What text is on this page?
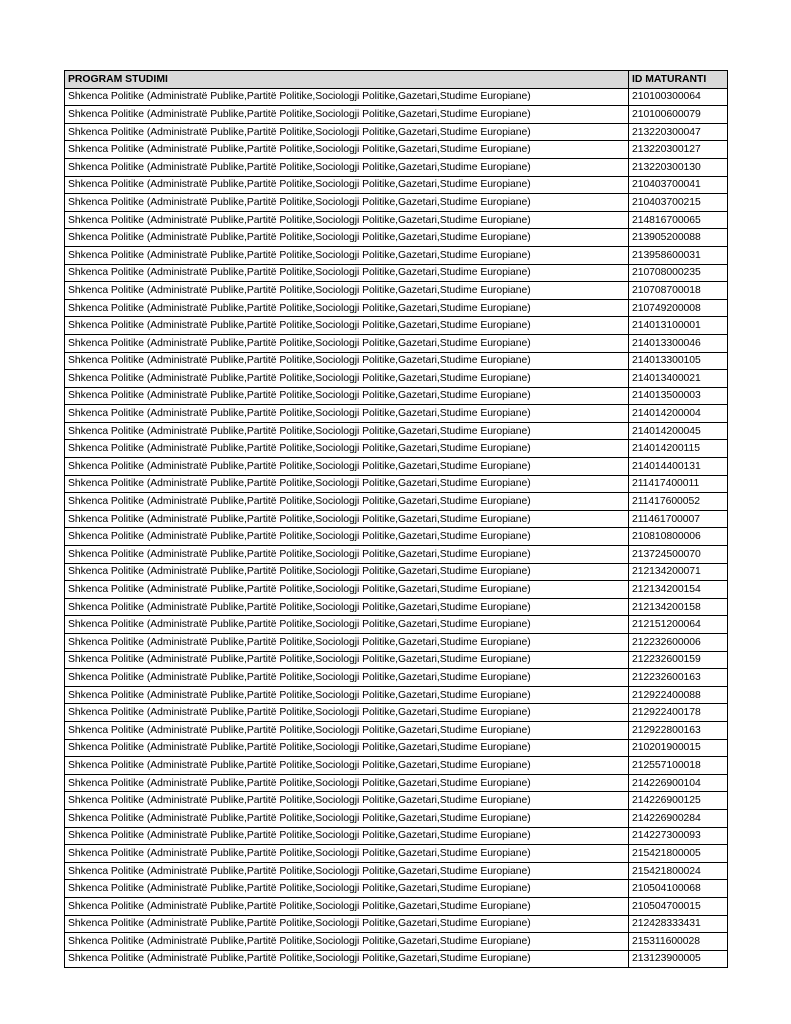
PROGRAM STUDIMI	ID MATURANTI
Shkenca Politike (Administratë Publike,Partitë Politike,Sociologji Politike,Gazetari,Studime Europiane)	210100300064
Shkenca Politike (Administratë Publike,Partitë Politike,Sociologji Politike,Gazetari,Studime Europiane)	210100600079
Shkenca Politike (Administratë Publike,Partitë Politike,Sociologji Politike,Gazetari,Studime Europiane)	213220300047
Shkenca Politike (Administratë Publike,Partitë Politike,Sociologji Politike,Gazetari,Studime Europiane)	213220300127
Shkenca Politike (Administratë Publike,Partitë Politike,Sociologji Politike,Gazetari,Studime Europiane)	213220300130
Shkenca Politike (Administratë Publike,Partitë Politike,Sociologji Politike,Gazetari,Studime Europiane)	210403700041
Shkenca Politike (Administratë Publike,Partitë Politike,Sociologji Politike,Gazetari,Studime Europiane)	210403700215
Shkenca Politike (Administratë Publike,Partitë Politike,Sociologji Politike,Gazetari,Studime Europiane)	214816700065
Shkenca Politike (Administratë Publike,Partitë Politike,Sociologji Politike,Gazetari,Studime Europiane)	213905200088
Shkenca Politike (Administratë Publike,Partitë Politike,Sociologji Politike,Gazetari,Studime Europiane)	213958600031
Shkenca Politike (Administratë Publike,Partitë Politike,Sociologji Politike,Gazetari,Studime Europiane)	210708000235
Shkenca Politike (Administratë Publike,Partitë Politike,Sociologji Politike,Gazetari,Studime Europiane)	210708700018
Shkenca Politike (Administratë Publike,Partitë Politike,Sociologji Politike,Gazetari,Studime Europiane)	210749200008
Shkenca Politike (Administratë Publike,Partitë Politike,Sociologji Politike,Gazetari,Studime Europiane)	214013100001
Shkenca Politike (Administratë Publike,Partitë Politike,Sociologji Politike,Gazetari,Studime Europiane)	214013300046
Shkenca Politike (Administratë Publike,Partitë Politike,Sociologji Politike,Gazetari,Studime Europiane)	214013300105
Shkenca Politike (Administratë Publike,Partitë Politike,Sociologji Politike,Gazetari,Studime Europiane)	214013400021
Shkenca Politike (Administratë Publike,Partitë Politike,Sociologji Politike,Gazetari,Studime Europiane)	214013500003
Shkenca Politike (Administratë Publike,Partitë Politike,Sociologji Politike,Gazetari,Studime Europiane)	214014200004
Shkenca Politike (Administratë Publike,Partitë Politike,Sociologji Politike,Gazetari,Studime Europiane)	214014200045
Shkenca Politike (Administratë Publike,Partitë Politike,Sociologji Politike,Gazetari,Studime Europiane)	214014200115
Shkenca Politike (Administratë Publike,Partitë Politike,Sociologji Politike,Gazetari,Studime Europiane)	214014400131
Shkenca Politike (Administratë Publike,Partitë Politike,Sociologji Politike,Gazetari,Studime Europiane)	211417400011
Shkenca Politike (Administratë Publike,Partitë Politike,Sociologji Politike,Gazetari,Studime Europiane)	211417600052
Shkenca Politike (Administratë Publike,Partitë Politike,Sociologji Politike,Gazetari,Studime Europiane)	211461700007
Shkenca Politike (Administratë Publike,Partitë Politike,Sociologji Politike,Gazetari,Studime Europiane)	210810800006
Shkenca Politike (Administratë Publike,Partitë Politike,Sociologji Politike,Gazetari,Studime Europiane)	213724500070
Shkenca Politike (Administratë Publike,Partitë Politike,Sociologji Politike,Gazetari,Studime Europiane)	212134200071
Shkenca Politike (Administratë Publike,Partitë Politike,Sociologji Politike,Gazetari,Studime Europiane)	212134200154
Shkenca Politike (Administratë Publike,Partitë Politike,Sociologji Politike,Gazetari,Studime Europiane)	212134200158
Shkenca Politike (Administratë Publike,Partitë Politike,Sociologji Politike,Gazetari,Studime Europiane)	212151200064
Shkenca Politike (Administratë Publike,Partitë Politike,Sociologji Politike,Gazetari,Studime Europiane)	212232600006
Shkenca Politike (Administratë Publike,Partitë Politike,Sociologji Politike,Gazetari,Studime Europiane)	212232600159
Shkenca Politike (Administratë Publike,Partitë Politike,Sociologji Politike,Gazetari,Studime Europiane)	212232600163
Shkenca Politike (Administratë Publike,Partitë Politike,Sociologji Politike,Gazetari,Studime Europiane)	212922400088
Shkenca Politike (Administratë Publike,Partitë Politike,Sociologji Politike,Gazetari,Studime Europiane)	212922400178
Shkenca Politike (Administratë Publike,Partitë Politike,Sociologji Politike,Gazetari,Studime Europiane)	212922800163
Shkenca Politike (Administratë Publike,Partitë Politike,Sociologji Politike,Gazetari,Studime Europiane)	210201900015
Shkenca Politike (Administratë Publike,Partitë Politike,Sociologji Politike,Gazetari,Studime Europiane)	212557100018
Shkenca Politike (Administratë Publike,Partitë Politike,Sociologji Politike,Gazetari,Studime Europiane)	214226900104
Shkenca Politike (Administratë Publike,Partitë Politike,Sociologji Politike,Gazetari,Studime Europiane)	214226900125
Shkenca Politike (Administratë Publike,Partitë Politike,Sociologji Politike,Gazetari,Studime Europiane)	214226900284
Shkenca Politike (Administratë Publike,Partitë Politike,Sociologji Politike,Gazetari,Studime Europiane)	214227300093
Shkenca Politike (Administratë Publike,Partitë Politike,Sociologji Politike,Gazetari,Studime Europiane)	215421800005
Shkenca Politike (Administratë Publike,Partitë Politike,Sociologji Politike,Gazetari,Studime Europiane)	215421800024
Shkenca Politike (Administratë Publike,Partitë Politike,Sociologji Politike,Gazetari,Studime Europiane)	210504100068
Shkenca Politike (Administratë Publike,Partitë Politike,Sociologji Politike,Gazetari,Studime Europiane)	210504700015
Shkenca Politike (Administratë Publike,Partitë Politike,Sociologji Politike,Gazetari,Studime Europiane)	212428333431
Shkenca Politike (Administratë Publike,Partitë Politike,Sociologji Politike,Gazetari,Studime Europiane)	215311600028
Shkenca Politike (Administratë Publike,Partitë Politike,Sociologji Politike,Gazetari,Studime Europiane)	213123900005
